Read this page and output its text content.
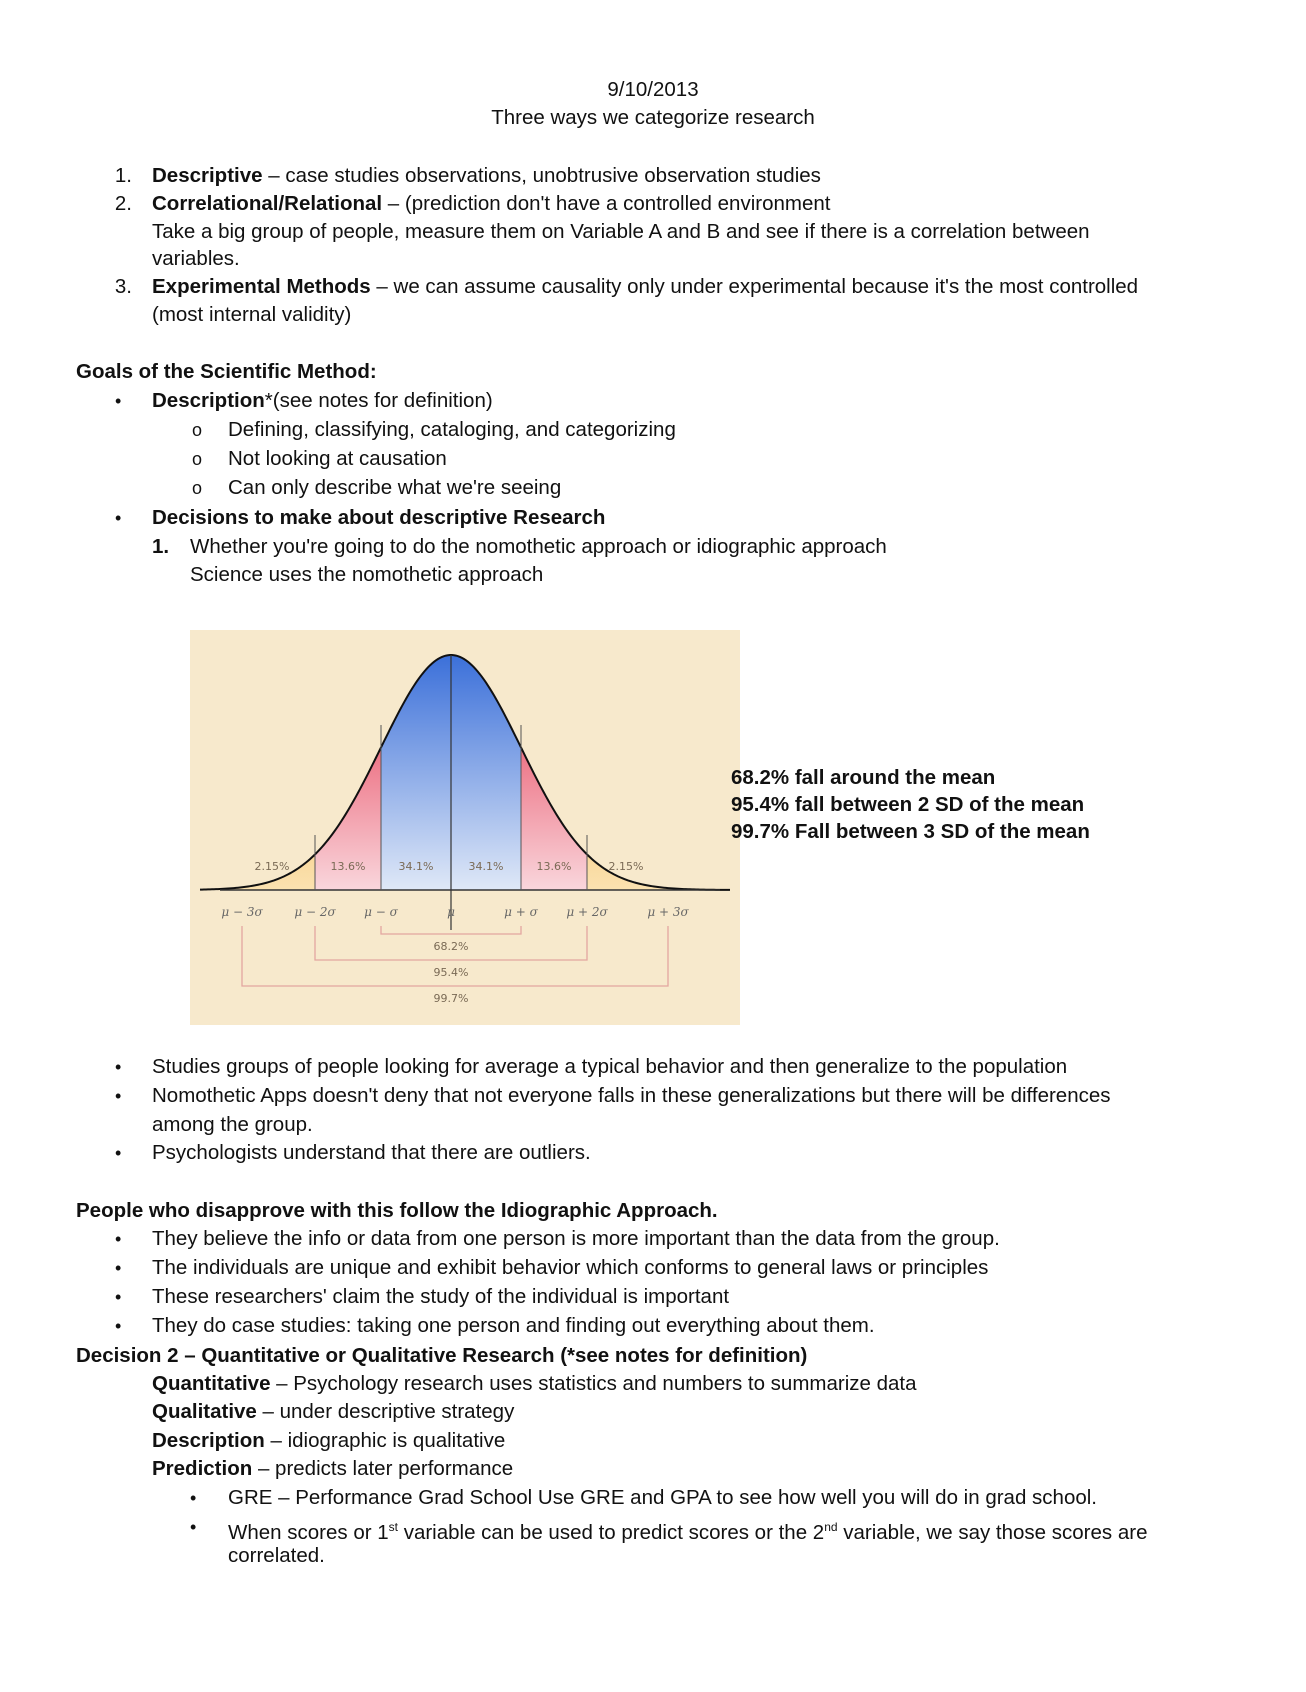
9/10/2013
Three ways we categorize research
1. Descriptive – case studies observations, unobtrusive observation studies
2. Correlational/Relational – (prediction don't have a controlled environment
Take a big group of people, measure them on Variable A and B and see if there is a correlation between
variables.
3. Experimental Methods – we can assume causality only under experimental because it's the most controlled
(most internal validity)
Goals of the Scientific Method:
• Description*(see notes for definition)
o Defining, classifying, cataloging, and categorizing
o Not looking at causation
o Can only describe what we're seeing
• Decisions to make about descriptive Research
1. Whether you're going to do the nomothetic approach or idiographic approach
Science uses the nomothetic approach
2.15%	13.6%	34.1%	34.1%	13.6%	2.15%
μ − 3σ	μ − 2σ μ − σ	μ	μ + σ μ + 2σ	μ + 3σ
68.2%
95.4%
99.7%
68.2% fall around the mean
95.4% fall between 2 SD of the mean
99.7% Fall between 3 SD of the mean
• Studies groups of people looking for average a typical behavior and then generalize to the population
• Nomothetic Apps doesn't deny that not everyone falls in these generalizations but there will be differences
among the group.
• Psychologists understand that there are outliers.
People who disapprove with this follow the Idiographic Approach.
• They believe the info or data from one person is more important than the data from the group.
• The individuals are unique and exhibit behavior which conforms to general laws or principles
• These researchers' claim the study of the individual is important
• They do case studies: taking one person and finding out everything about them.
Decision 2 – Quantitative or Qualitative Research (*see notes for definition)
Quantitative – Psychology research uses statistics and numbers to summarize data
Qualitative – under descriptive strategy
Description – idiographic is qualitative
Prediction – predicts later performance
• GRE – Performance Grad School Use GRE and GPA to see how well you will do in grad school.
• When scores or 1st variable can be used to predict scores or the 2nd variable, we say those scores are
correlated.
